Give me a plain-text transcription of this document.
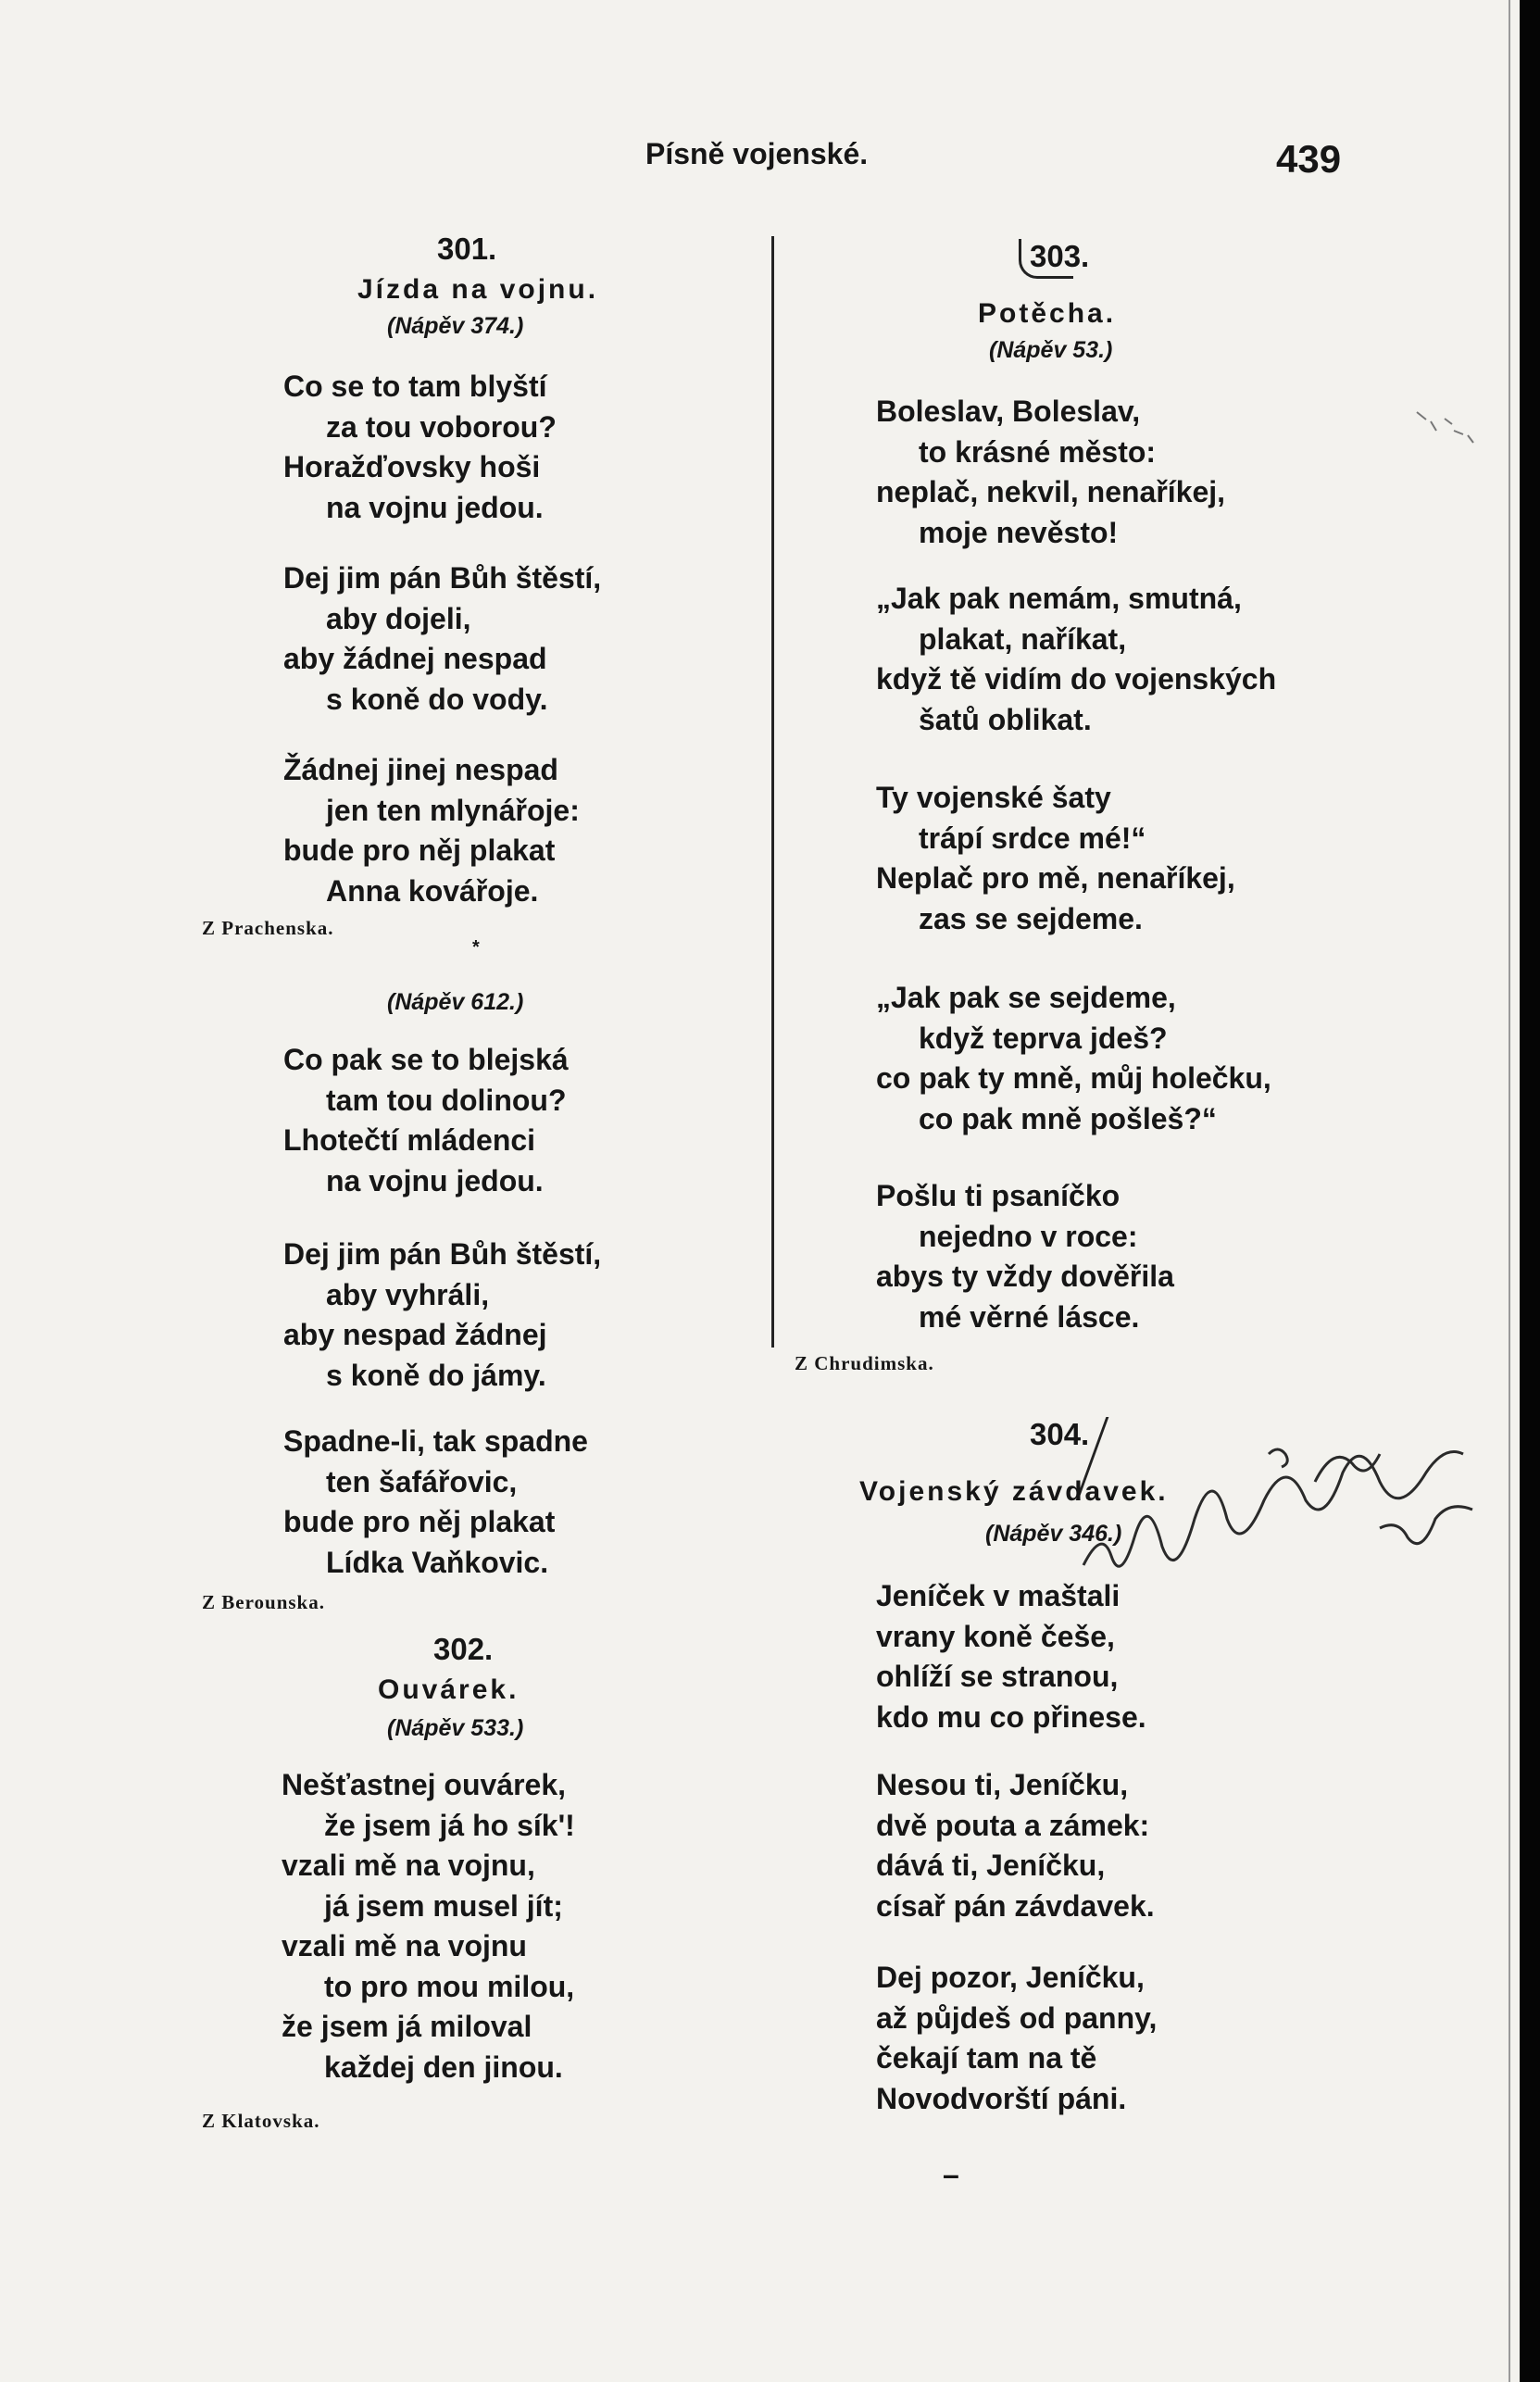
Písně vojenské.	439
301.
Jízda na vojnu.
(Nápěv 374.)
Co se to tam blyští
za tou voborou?
Horažďovsky hoši
na vojnu jedou.
Dej jim pán Bůh štěstí,
aby dojeli,
aby žádnej nespad
s koně do vody.
Žádnej jinej nespad
jen ten mlynářoje:
bude pro něj plakat
Anna kovářoje.
Z Prachenska.
*
(Nápěv 612.)
Co pak se to blejská
tam tou dolinou?
Lhotečtí mládenci
na vojnu jedou.
Dej jim pán Bůh štěstí,
aby vyhráli,
aby nespad žádnej
s koně do jámy.
Spadne-li, tak spadne
ten šafářovic,
bude pro něj plakat
Lídka Vaňkovic.
Z Berounska.
302.
Ouvárek.
(Nápěv 533.)
Nešťastnej ouvárek,
že jsem já ho sík'!
vzali mě na vojnu,
já jsem musel jít;
vzali mě na vojnu
to pro mou milou,
že jsem já miloval
každej den jinou.
Z Klatovska.
303.
Potěcha.
(Nápěv 53.)
Boleslav, Boleslav,
to krásné město:
neplač, nekvil, nenaříkej,
moje nevěsto!
„Jak pak nemám, smutná,
plakat, naříkat,
když tě vidím do vojenských
šatů oblikat.
Ty vojenské šaty
trápí srdce mé!“
Neplač pro mě, nenaříkej,
zas se sejdeme.
„Jak pak se sejdeme,
když teprva jdeš?
co pak ty mně, můj holečku,
co pak mně pošleš?“
Pošlu ti psaníčko
nejedno v roce:
abys ty vždy dověřila
mé věrné lásce.
Z Chrudimska.
304.
Vojenský závdavek.
(Nápěv 346.)
Jeníček v maštali
vrany koně češe,
ohlíží se stranou,
kdo mu co přinese.
Nesou ti, Jeníčku,
dvě pouta a zámek:
dává ti, Jeníčku,
císař pán závdavek.
Dej pozor, Jeníčku,
až půjdeš od panny,
čekají tam na tě
Novodvorští páni.
–
